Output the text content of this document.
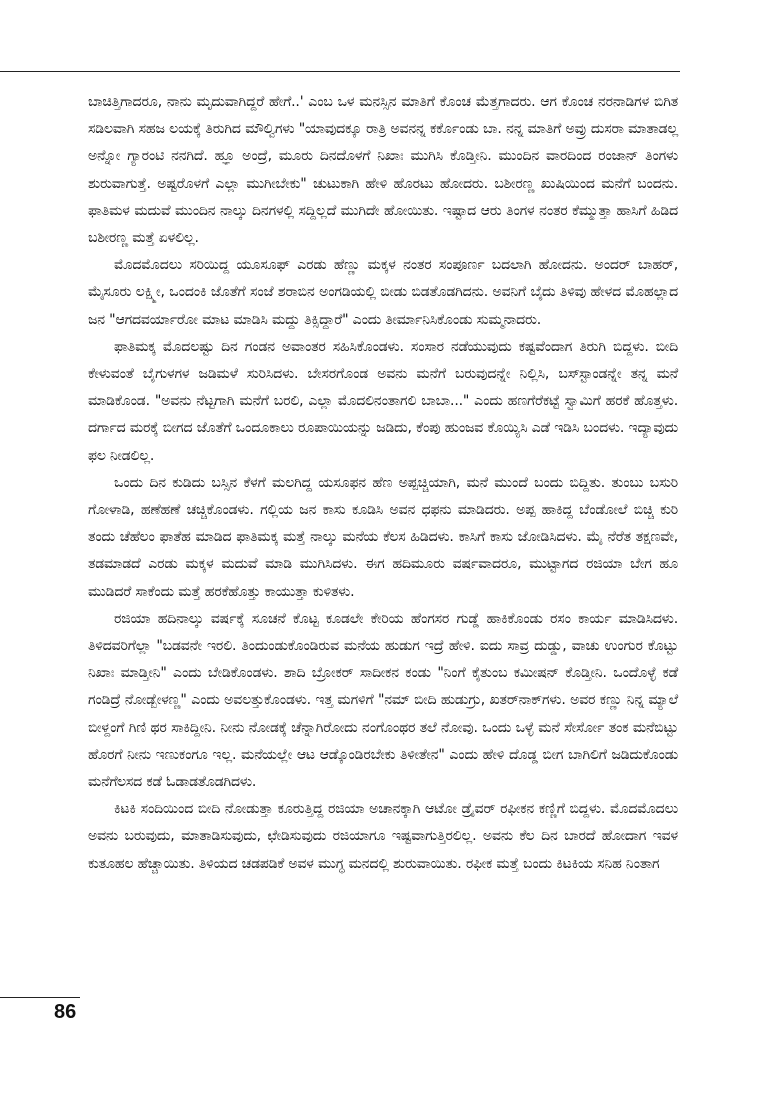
ಬಾಚಿತ್ತಿಗಾದರೂ, ನಾನು ಮೃದುವಾಗಿದ್ದರೆ ಹೇಗೆ..' ಎಂಬ ಒಳ ಮನಸ್ಸಿನ ಮಾತಿಗೆ ಕೊಂಚ ಮೆತ್ತಗಾದರು. ಆಗ ಕೊಂಚ ನರನಾಡಿಗಳ ಬಿಗಿತ ಸಡಿಲವಾಗಿ ಸಹಜ ಲಯಕ್ಕೆ ತಿರುಗಿದ ಮೌಲ್ವಿಗಳು "ಯಾವುದಕ್ಕೂ ರಾತ್ರಿ ಅವನನ್ನ ಕರ್ಕೊಂಡು ಬಾ. ನನ್ನ ಮಾತಿಗೆ ಅವ್ರು ದುಸರಾ ಮಾತಾಡಲ್ಲ ಅನ್ನೋ ಗ್ಯಾರಂಟಿ ನನಗಿದೆ. ಹ್ಞೂ ಅಂದ್ರೆ, ಮೂರು ದಿನದೊಳಗೆ ನಿಖಾಃ ಮುಗಿಸಿ ಕೊಡ್ತೀನಿ. ಮುಂದಿನ ವಾರದಿಂದ ರಂಜಾನ್ ತಿಂಗಳು ಶುರುವಾಗುತ್ತೆ. ಅಷ್ಟರೊಳಗೆ ಎಲ್ಲಾ ಮುಗೀಬೇಕು" ಚುಟುಕಾಗಿ ಹೇಳಿ ಹೊರಟು ಹೋದರು. ಬಶೀರಣ್ಣ ಖುಷಿಯಿಂದ ಮನೆಗೆ ಬಂದನು. ಫಾತಿಮಳ ಮದುವೆ ಮುಂದಿನ ನಾಲ್ಕು ದಿನಗಳಲ್ಲಿ ಸದ್ದಿಲ್ಲದೆ ಮುಗಿದೇ ಹೋಯಿತು. ಇಷ್ಟಾದ ಆರು ತಿಂಗಳ ನಂತರ ಕೆಮ್ಮುತ್ತಾ ಹಾಸಿಗೆ ಹಿಡಿದ ಬಶೀರಣ್ಣ ಮತ್ತೆ ಏಳಲಿಲ್ಲ.

ಮೊದಮೊದಲು ಸರಿಯಿದ್ದ ಯೂಸೂಫ್ ಎರಡು ಹೆಣ್ಣು ಮಕ್ಕಳ ನಂತರ ಸಂಪೂರ್ಣ ಬದಲಾಗಿ ಹೋದನು. ಅಂದರ್ ಬಾಹರ್, ಮೈಸೂರು ಲಕ್ಷ್ಮೀ, ಒಂದಂಕಿ ಜೊತೆಗೆ ಸಂಜೆ ಶರಾಬಿನ ಅಂಗಡಿಯಲ್ಲಿ ಬೀಡು ಬಿಡತೊಡಗಿದನು. ಅವನಿಗೆ ಬೈದು ತಿಳಿವು ಹೇಳದ ಮೊಹಲ್ಲಾದ ಜನ "ಆಗದವರ್ಯಾರೋ ಮಾಟ ಮಾಡಿಸಿ ಮದ್ದು ತಿಕ್ಸಿದ್ದಾರೆ" ಎಂದು ತೀರ್ಮಾನಿಸಿಕೊಂಡು ಸುಮ್ಮನಾದರು.

ಫಾತಿಮಕ್ಕ ಮೊದಲಷ್ಟು ದಿನ ಗಂಡನ ಅವಾಂತರ ಸಹಿಸಿಕೊಂಡಳು. ಸಂಸಾರ ನಡೆಯುವುದು ಕಷ್ಟವೆಂದಾಗ ತಿರುಗಿ ಬಿದ್ದಳು. ಬೀದಿ ಕೇಳುವಂತೆ ಬೈಗುಳಗಳ ಜಡಿಮಳೆ ಸುರಿಸಿದಳು. ಬೇಸರಗೊಂಡ ಅವನು ಮನೆಗೆ ಬರುವುದನ್ನೇ ನಿಲ್ಲಿಸಿ, ಬಸ್‍ಸ್ಟಾಂಡನ್ನೇ ತನ್ನ ಮನೆ ಮಾಡಿಕೊಂಡ. "ಅವನು ನೆಟ್ಟಗಾಗಿ ಮನೆಗೆ ಬರಲಿ, ಎಲ್ಲಾ ಮೊದಲಿನಂತಾಗಲಿ ಬಾಬಾ..." ಎಂದು ಹಣಗೆರೆಕಟ್ಟೆ ಸ್ವಾಮಿಗೆ ಹರಕೆ ಹೊತ್ತಳು. ದರ್ಗಾದ ಮರಕ್ಕೆ ಬೀಗದ ಜೊತೆಗೆ ಒಂದೂಕಾಲು ರೂಪಾಯಿಯನ್ನು ಜಡಿದು, ಕೆಂಪು ಹುಂಜವ ಕೊಯ್ಯಿಸಿ ಎಡೆ ಇಡಿಸಿ ಬಂದಳು. ಇದ್ಯಾವುದು ಫಲ ನೀಡಲಿಲ್ಲ.

ಒಂದು ದಿನ ಕುಡಿದು ಬಸ್ಸಿನ ಕೆಳಗೆ ಮಲಗಿದ್ದ ಯಸೂಫನ ಹೆಣ ಅಪ್ಪಚ್ಚಿಯಾಗಿ, ಮನೆ ಮುಂದೆ ಬಂದು ಬಿದ್ದಿತು. ತುಂಬು ಬಸುರಿ ಗೋಳಾಡಿ, ಹಣೆಹಣೆ ಚಚ್ಚಿಕೊಂಡಳು. ಗಲ್ಲಿಯ ಜನ ಕಾಸು ಕೂಡಿಸಿ ಅವನ ಧಫನು ಮಾಡಿದರು. ಅಪ್ಪ ಹಾಕಿದ್ದ ಬೆಂಡೋಲೆ ಬಿಚ್ಚಿ ಕುರಿ ತಂದು ಚೆಹೆಲಂ ಫಾತೆಹ ಮಾಡಿದ ಫಾತಿಮಕ್ಕ ಮತ್ತೆ ನಾಲ್ಕು ಮನೆಯ ಕೆಲಸ ಹಿಡಿದಳು. ಕಾಸಿಗೆ ಕಾಸು ಜೋಡಿಸಿದಳು. ಮೈ ನೆರೆತ ತಕ್ಷಣವೇ, ತಡಮಾಡದೆ ಎರಡು ಮಕ್ಕಳ ಮದುವೆ ಮಾಡಿ ಮುಗಿಸಿದಳು. ಈಗ ಹದಿಮೂರು ವರ್ಷವಾದರೂ, ಮುಟ್ಟಾಗದ ರಜಿಯಾ ಬೇಗ ಹೂ ಮುಡಿದರೆ ಸಾಕೆಂದು ಮತ್ತೆ ಹರಕೆಹೊತ್ತು ಕಾಯುತ್ತಾ ಕುಳಿತಳು.

ರಜಿಯಾ ಹದಿನಾಲ್ಕು ವರ್ಷಕ್ಕೆ ಸೂಚನೆ ಕೊಟ್ಟ ಕೂಡಲೇ ಕೇರಿಯ ಹೆಂಗಸರ ಗುಡ್ಡೆ ಹಾಕಿಕೊಂಡು ರಸಂ ಕಾರ್ಯ ಮಾಡಿಸಿದಳು. ತಿಳಿದವರಿಗೆಲ್ಲಾ "ಬಡವನೇ ಇರಲಿ. ತಿಂದುಂಡುಕೊಂಡಿರುವ ಮನೆಯ ಹುಡುಗ ಇದ್ರೆ ಹೇಳಿ. ಐದು ಸಾವ್ರ ದುಡ್ಡು, ವಾಚು ಉಂಗುರ ಕೊಟ್ಟು ನಿಖಾಃ ಮಾಡ್ತೀನಿ" ಎಂದು ಬೇಡಿಕೊಂಡಳು. ಶಾದಿ ಬ್ರೋಕರ್ ಸಾದೀಕನ ಕಂಡು "ನಿಂಗೆ ಕೈತುಂಬ ಕಮೀಷನ್ ಕೊಡ್ತೀನಿ. ಒಂದೊಳ್ಳೆ ಕಡೆ ಗಂಡಿದ್ರೆ ನೋಡ್ಬೇಳಣ್ಣ" ಎಂದು ಅವಲತ್ತುಕೊಂಡಳು. ಇತ್ತ ಮಗಳಿಗೆ "ನಮ್ ಬೀದಿ ಹುಡುಗ್ರು, ಖತರ್‌ನಾಕ್‌ಗಳು. ಅವರ ಕಣ್ಣು ನಿನ್ನ ಮ್ಯಾಲೆ ಬೀಳ್ದಂಗೆ ಗಿಣಿ ಥರ ಸಾಕಿದ್ದೀನಿ. ನೀನು ನೋಡಕ್ಕೆ ಚೆನ್ನಾಗಿರೋದು ನಂಗೊಂಥರ ತಲೆ ನೋವು. ಒಂದು ಒಳ್ಳೆ ಮನೆ ಸೇರ್ಸೋ ತಂಕ ಮನೆಬಿಟ್ಟು ಹೊರಗೆ ನೀನು ಇಣುಕಂಗೂ ಇಲ್ಲ. ಮನೆಯಲ್ಲೇ ಆಟ ಆಡ್ಕೊಂಡಿರಬೇಕು ತಿಳೀತೇನ" ಎಂದು ಹೇಳಿ ದೊಡ್ಡ ಬೀಗ ಬಾಗಿಲಿಗೆ ಜಡಿದುಕೊಂಡು ಮನೆಗೆಲಸದ ಕಡೆ ಓಡಾಡತೊಡಗಿದಳು.

ಕಿಟಕಿ ಸಂದಿಯಿಂದ ಬೀದಿ ನೋಡುತ್ತಾ ಕೂರುತ್ತಿದ್ದ ರಜಿಯಾ ಅಚಾನಕ್ಕಾಗಿ ಆಟೋ ಡ್ರೈವರ್ ರಫೀಕನ ಕಣ್ಣಿಗೆ ಬಿದ್ದಳು. ಮೊದಮೊದಲು ಅವನು ಬರುವುದು, ಮಾತಾಡಿಸುವುದು, ಛೇಡಿಸುವುದು ರಜಿಯಾಗೂ ಇಷ್ಟವಾಗುತ್ತಿರಲಿಲ್ಲ. ಅವನು ಕೆಲ ದಿನ ಬಾರದೆ ಹೋದಾಗ ಇವಳ ಕುತೂಹಲ ಹೆಚ್ಚಾಯಿತು. ತಿಳಿಯದ ಚಡಪಡಿಕೆ ಅವಳ ಮುಗ್ಧ ಮನದಲ್ಲಿ ಶುರುವಾಯಿತು. ರಫೀಕ ಮತ್ತೆ ಬಂದು ಕಿಟಕಿಯ ಸನಿಹ ನಿಂತಾಗ

86
